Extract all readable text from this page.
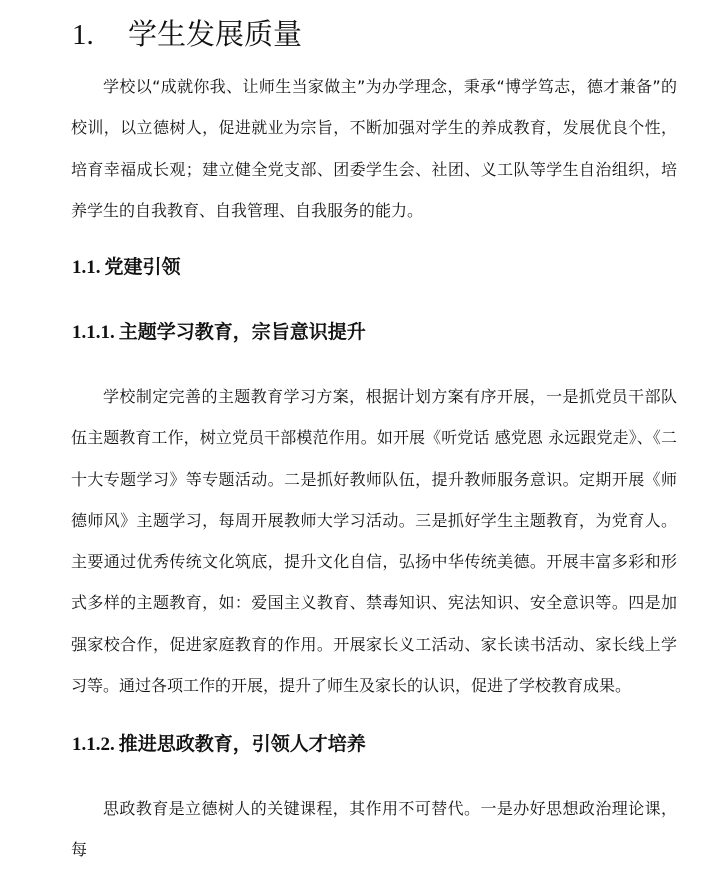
1. 学生发展质量

学校以“成就你我、让师生当家做主”为办学理念，秉承“博学笃志，德才兼备”的校训，以立德树人，促进就业为宗旨，不断加强对学生的养成教育，发展优良个性，培育幸福成长观；建立健全党支部、团委学生会、社团、义工队等学生自治组织，培养学生的自我教育、自我管理、自我服务的能力。

1.1. 党建引领
1.1.1. 主题学习教育，宗旨意识提升

学校制定完善的主题教育学习方案，根据计划方案有序开展，一是抓党员干部队伍主题教育工作，树立党员干部模范作用。如开展《听党话 感党恩 永远跟党走》、《二十大专题学习》等专题活动。二是抓好教师队伍，提升教师服务意识。定期开展《师德师风》主题学习，每周开展教师大学习活动。三是抓好学生主题教育，为党育人。主要通过优秀传统文化筑底，提升文化自信，弘扬中华传统美德。开展丰富多彩和形式多样的主题教育，如：爱国主义教育、禁毒知识、宪法知识、安全意识等。四是加强家校合作，促进家庭教育的作用。开展家长义工活动、家长读书活动、家长线上学习等。通过各项工作的开展，提升了师生及家长的认识，促进了学校教育成果。

1.1.2. 推进思政教育，引领人才培养

思政教育是立德树人的关键课程，其作用不可替代。一是办好思想政治理论课，每
